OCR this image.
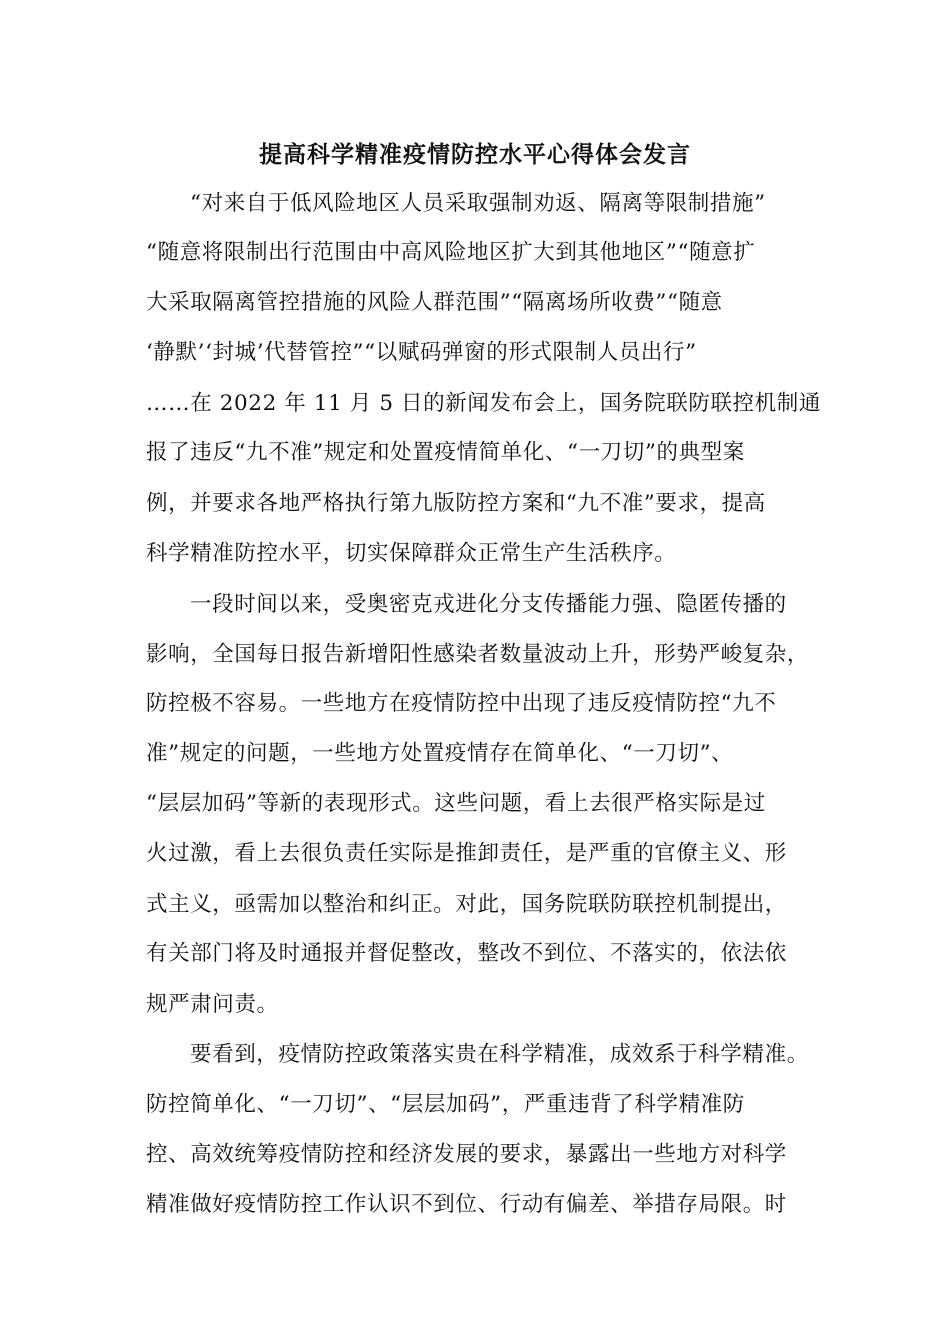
提高科学精准疫情防控水平心得体会发言
“对来自于低风险地区人员采取强制劝返、隔离等限制措施”
“随意将限制出行范围由中高风险地区扩大到其他地区”“随意扩
大采取隔离管控措施的风险人群范围”“隔离场所收费”“随意
‘静默’‘封城’代替管控”“以赋码弹窗的形式限制人员出行”
……在 2022 年 11 月 5 日的新闻发布会上，国务院联防联控机制通
报了违反“九不准”规定和处置疫情简单化、“一刀切”的典型案
例，并要求各地严格执行第九版防控方案和“九不准”要求，提高
科学精准防控水平，切实保障群众正常生产生活秩序。
一段时间以来，受奥密克戎进化分支传播能力强、隐匿传播的
影响，全国每日报告新增阳性感染者数量波动上升，形势严峻复杂，
防控极不容易。一些地方在疫情防控中出现了违反疫情防控“九不
准”规定的问题，一些地方处置疫情存在简单化、“一刀切”、
“层层加码”等新的表现形式。这些问题，看上去很严格实际是过
火过激，看上去很负责任实际是推卸责任，是严重的官僚主义、形
式主义，亟需加以整治和纠正。对此，国务院联防联控机制提出，
有关部门将及时通报并督促整改，整改不到位、不落实的，依法依
规严肃问责。
要看到，疫情防控政策落实贵在科学精准，成效系于科学精准。
防控简单化、“一刀切”、“层层加码”，严重违背了科学精准防
控、高效统筹疫情防控和经济发展的要求，暴露出一些地方对科学
精准做好疫情防控工作认识不到位、行动有偏差、举措存局限。时
